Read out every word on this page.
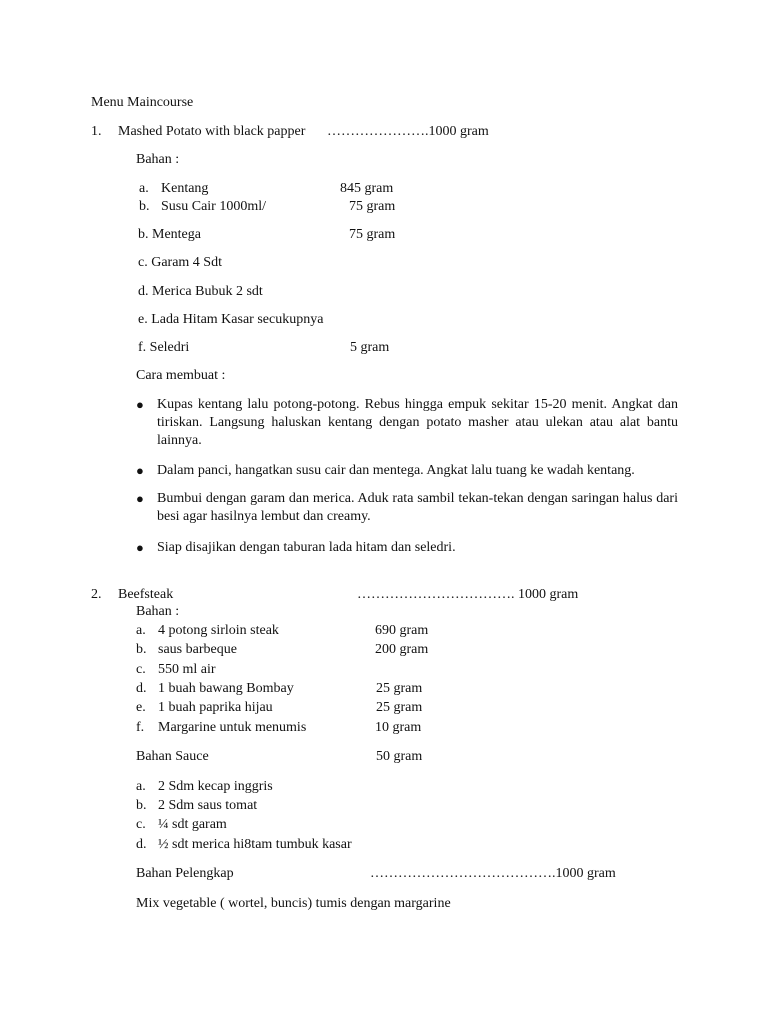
Menu Maincourse
1. Mashed Potato with black papper ………………….1000 gram
Bahan :
a. Kentang	845 gram
b. Susu Cair 1000ml/	75 gram
b. Mentega	75 gram
c. Garam 4 Sdt
d. Merica Bubuk 2 sdt
e. Lada Hitam Kasar secukupnya
f. Seledri	5 gram
Cara membuat :
● Kupas kentang lalu potong-potong. Rebus hingga empuk sekitar 15-20 menit. Angkat dan tiriskan. Langsung haluskan kentang dengan potato masher atau ulekan atau alat bantu lainnya.
● Dalam panci, hangatkan susu cair dan mentega. Angkat lalu tuang ke wadah kentang.
● Bumbui dengan garam dan merica. Aduk rata sambil tekan-tekan dengan saringan halus dari besi agar hasilnya lembut dan creamy.
● Siap disajikan dengan taburan lada hitam dan seledri.
2. Beefsteak	……………………………. 1000 gram
Bahan :
a. 4 potong sirloin steak	690 gram
b. saus barbeque	200 gram
c. 550 ml air
d. 1 buah bawang Bombay	25 gram
e. 1 buah paprika hijau	25 gram
f. Margarine untuk menumis	10 gram
Bahan Sauce	50 gram
a. 2 Sdm kecap inggris
b. 2 Sdm saus tomat
c. ¼ sdt garam
d. ½ sdt merica hi8tam tumbuk kasar
Bahan Pelengkap	………………………………….1000 gram
Mix vegetable ( wortel, buncis) tumis dengan margarine
